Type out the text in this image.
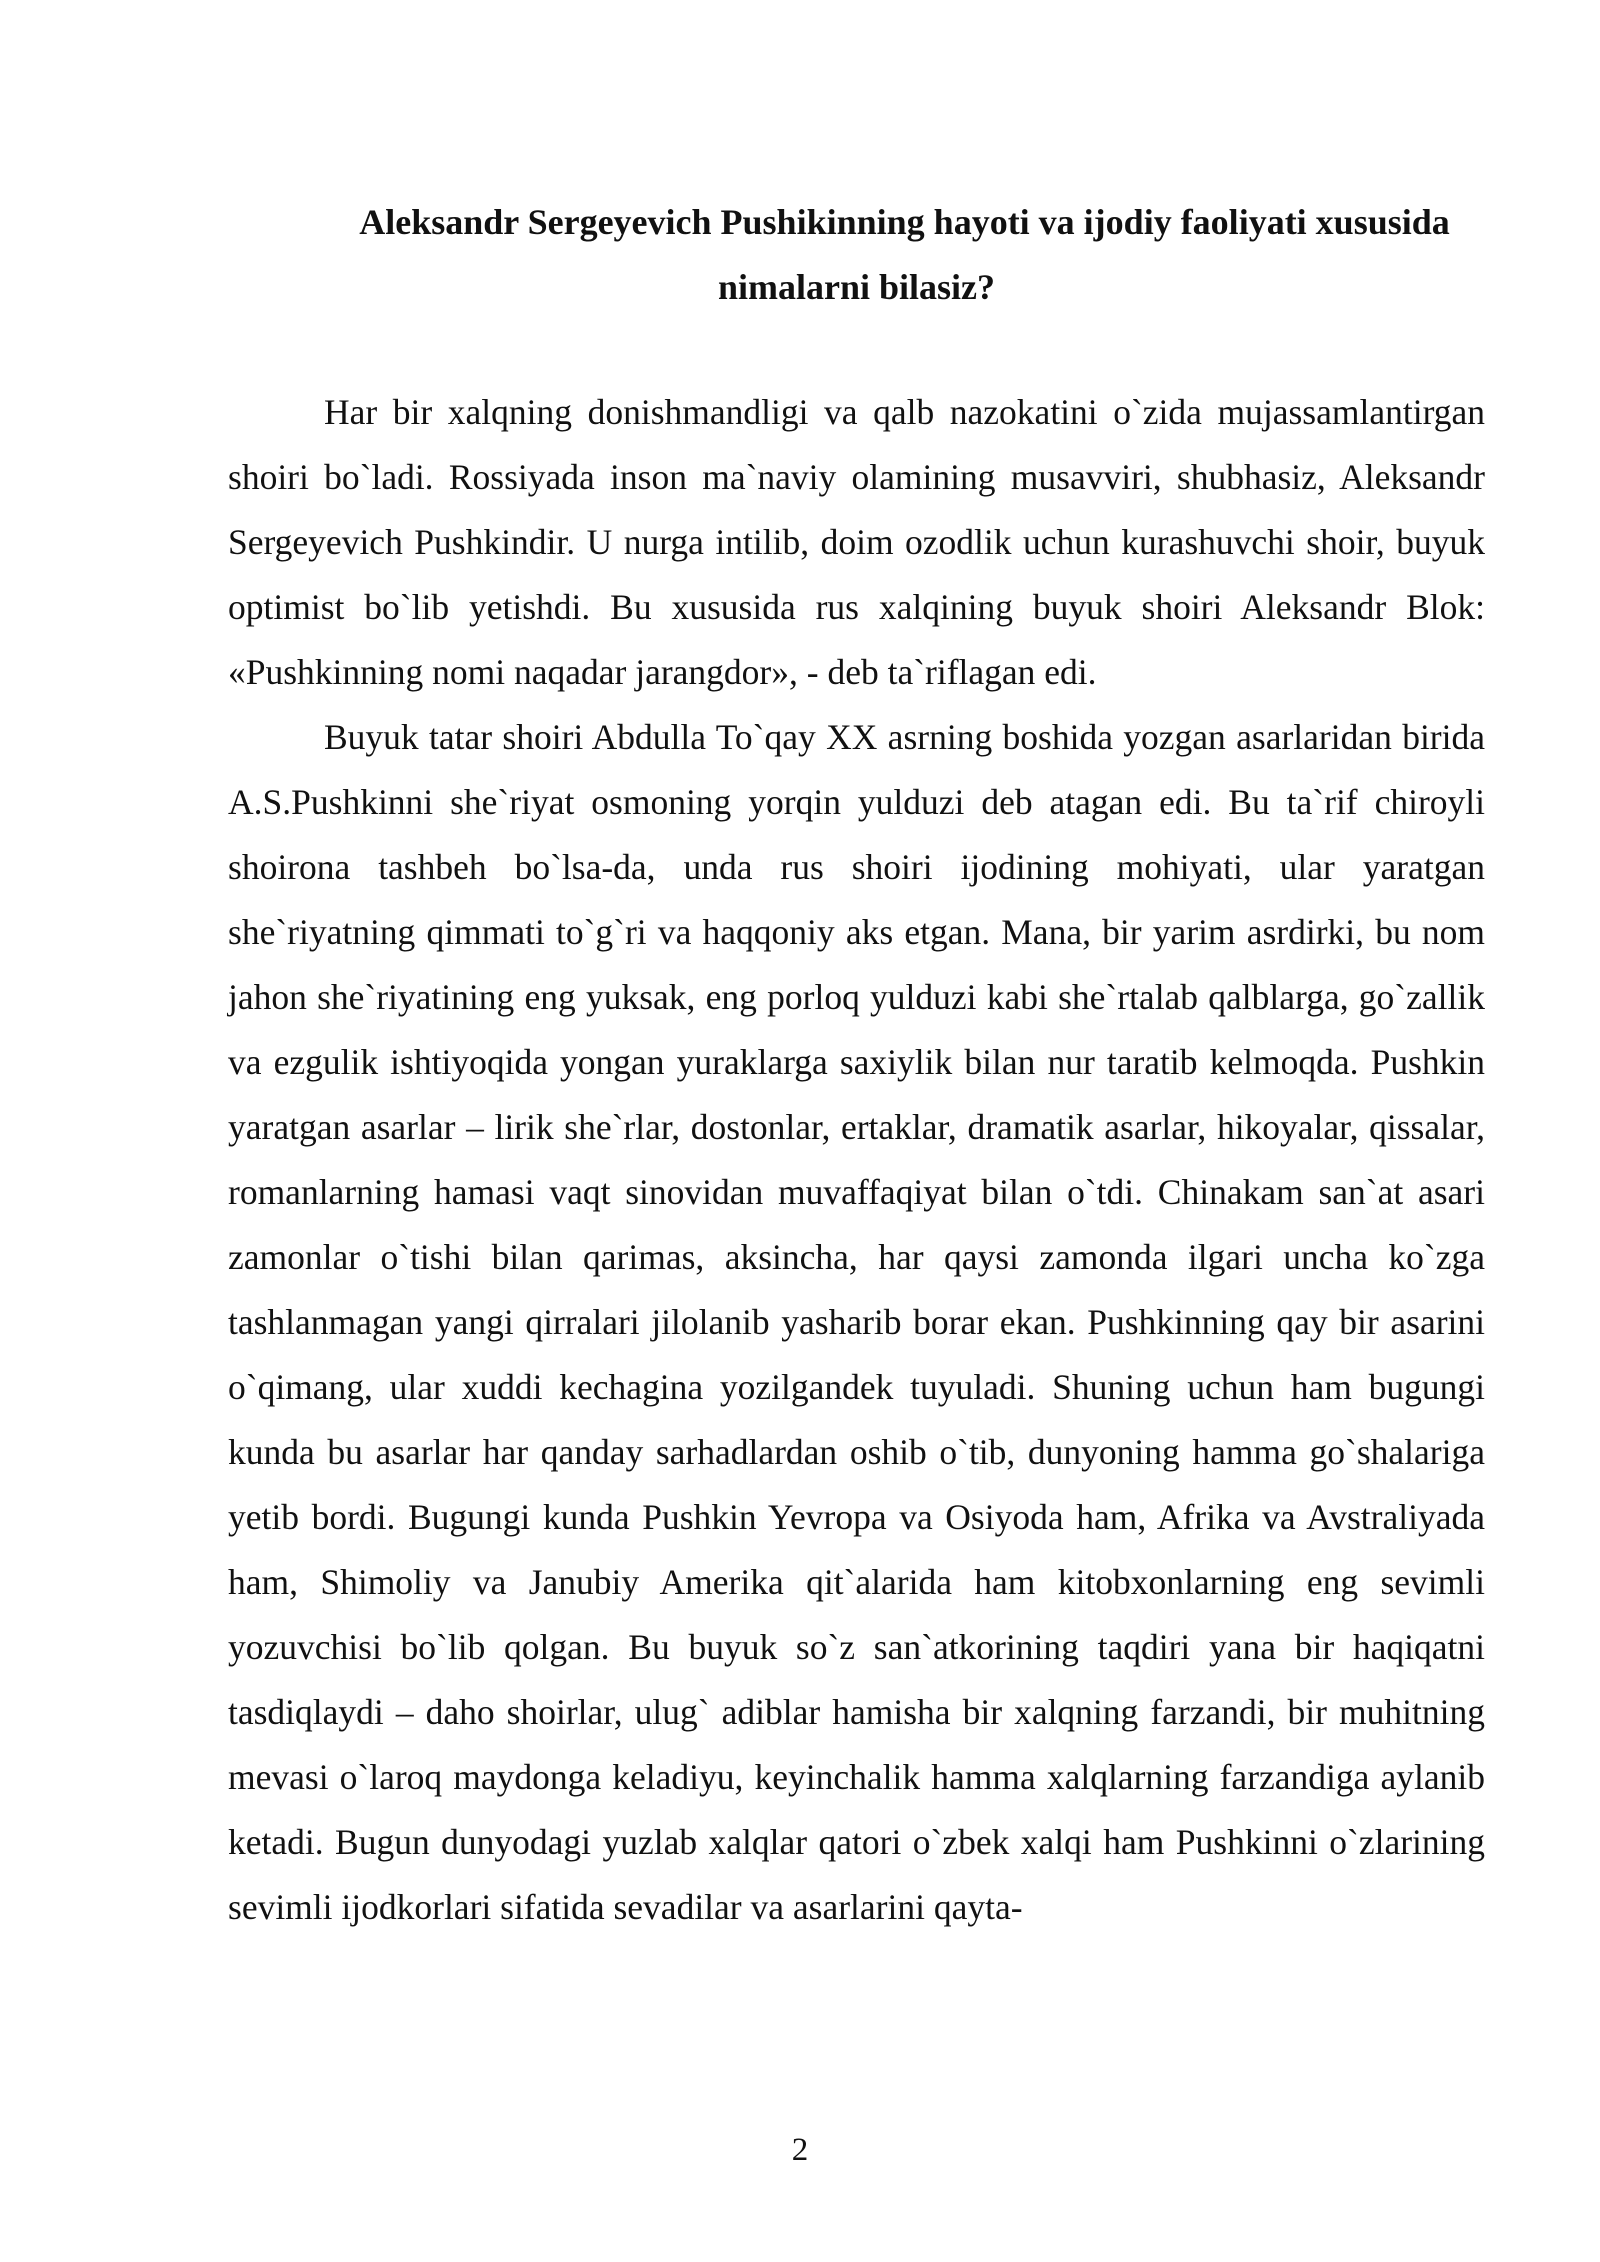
Aleksandr Sergeyevich Pushikinning hayoti va ijodiy faoliyati xususida nimalarni bilasiz?

Har bir xalqning donishmandligi va qalb nazokatini o`zida mujassamlantirgan shoiri bo`ladi. Rossiyada inson ma`naviy olamining musavviri, shubhasiz, Aleksandr Sergeyevich Pushkindir. U nurga intilib, doim ozodlik uchun kurashuvchi shoir, buyuk optimist bo`lib yetishdi. Bu xususida rus xalqining buyuk shoiri Aleksandr Blok: «Pushkinning nomi naqadar jarangdor», - deb ta`riflagan edi.

Buyuk tatar shoiri Abdulla To`qay XX asrning boshida yozgan asarlaridan birida A.S.Pushkinni she`riyat osmoning yorqin yulduzi deb atagan edi. Bu ta`rif chiroyli shoirona tashbeh bo`lsa-da, unda rus shoiri ijodining mohiyati, ular yaratgan she`riyatning qimmati to`g`ri va haqqoniy aks etgan. Mana, bir yarim asrdirki, bu nom jahon she`riyatining eng yuksak, eng porloq yulduzi kabi she`rtalab qalblarga, go`zallik va ezgulik ishtiyoqida yongan yuraklarga saxiylik bilan nur taratib kelmoqda. Pushkin yaratgan asarlar – lirik she`rlar, dostonlar, ertaklar, dramatik asarlar, hikoyalar, qissalar, romanlarning hamasi vaqt sinovidan muvaffaqiyat bilan o`tdi. Chinakam san`at asari zamonlar o`tishi bilan qarimas, aksincha, har qaysi zamonda ilgari uncha ko`zga tashlanmagan yangi qirralari jilolanib yasharib borar ekan. Pushkinning qay bir asarini o`qimang, ular xuddi kechagina yozilgandek tuyuladi. Shuning uchun ham bugungi kunda bu asarlar har qanday sarhadlardan oshib o`tib, dunyoning hamma go`shalariga yetib bordi. Bugungi kunda Pushkin Yevropa va Osiyoda ham, Afrika va Avstraliyada ham, Shimoliy va Janubiy Amerika qit`alarida ham kitobxonlarning eng sevimli yozuvchisi bo`lib qolgan. Bu buyuk so`z san`atkorining taqdiri yana bir haqiqatni tasdiqlaydi – daho shoirlar, ulug` adiblar hamisha bir xalqning farzandi, bir muhitning mevasi o`laroq maydonga keladiyu, keyinchalik hamma xalqlarning farzandiga aylanib ketadi. Bugun dunyodagi yuzlab xalqlar qatori o`zbek xalqi ham Pushkinni o`zlarining sevimli ijodkorlari sifatida sevadilar va asarlarini qayta-

2
